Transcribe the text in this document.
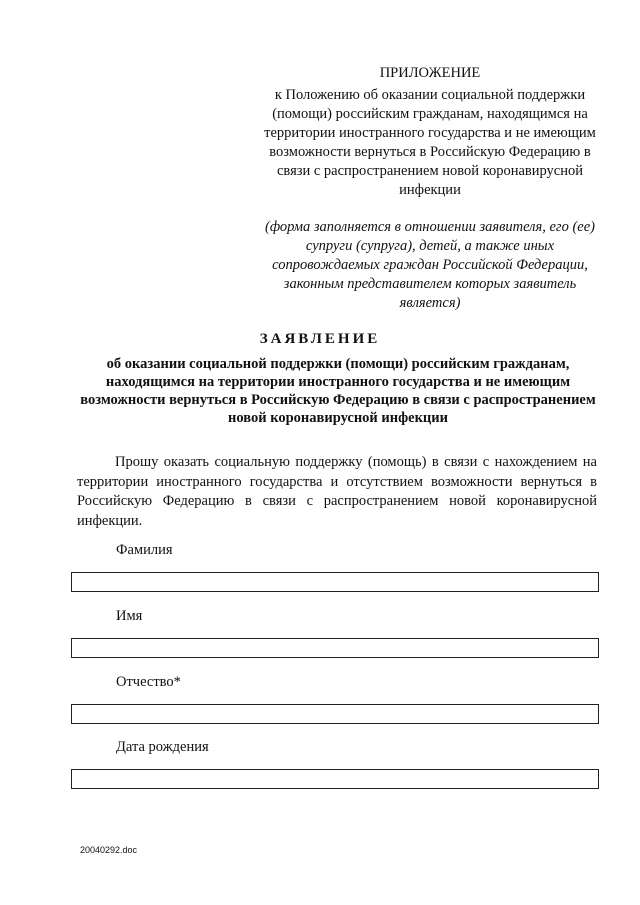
ПРИЛОЖЕНИЕ
к Положению об оказании социальной поддержки (помощи) российским гражданам, находящимся на территории иностранного государства и не имеющим возможности вернуться в Российскую Федерацию в связи с распространением новой коронавирусной инфекции
(форма заполняется в отношении заявителя, его (ее) супруги (супруга), детей, а также иных сопровождаемых граждан Российской Федерации, законным представителем которых заявитель является)
ЗАЯВЛЕНИЕ
об оказании социальной поддержки (помощи) российским гражданам, находящимся на территории иностранного государства и не имеющим возможности вернуться в Российскую Федерацию в связи с распространением новой коронавирусной инфекции
Прошу оказать социальную поддержку (помощь) в связи с нахождением на территории иностранного государства и отсутствием возможности вернуться в Российскую Федерацию в связи с распространением новой коронавирусной инфекции.
Фамилия
Имя
Отчество*
Дата рождения
__ __ ____
20040292.doc
